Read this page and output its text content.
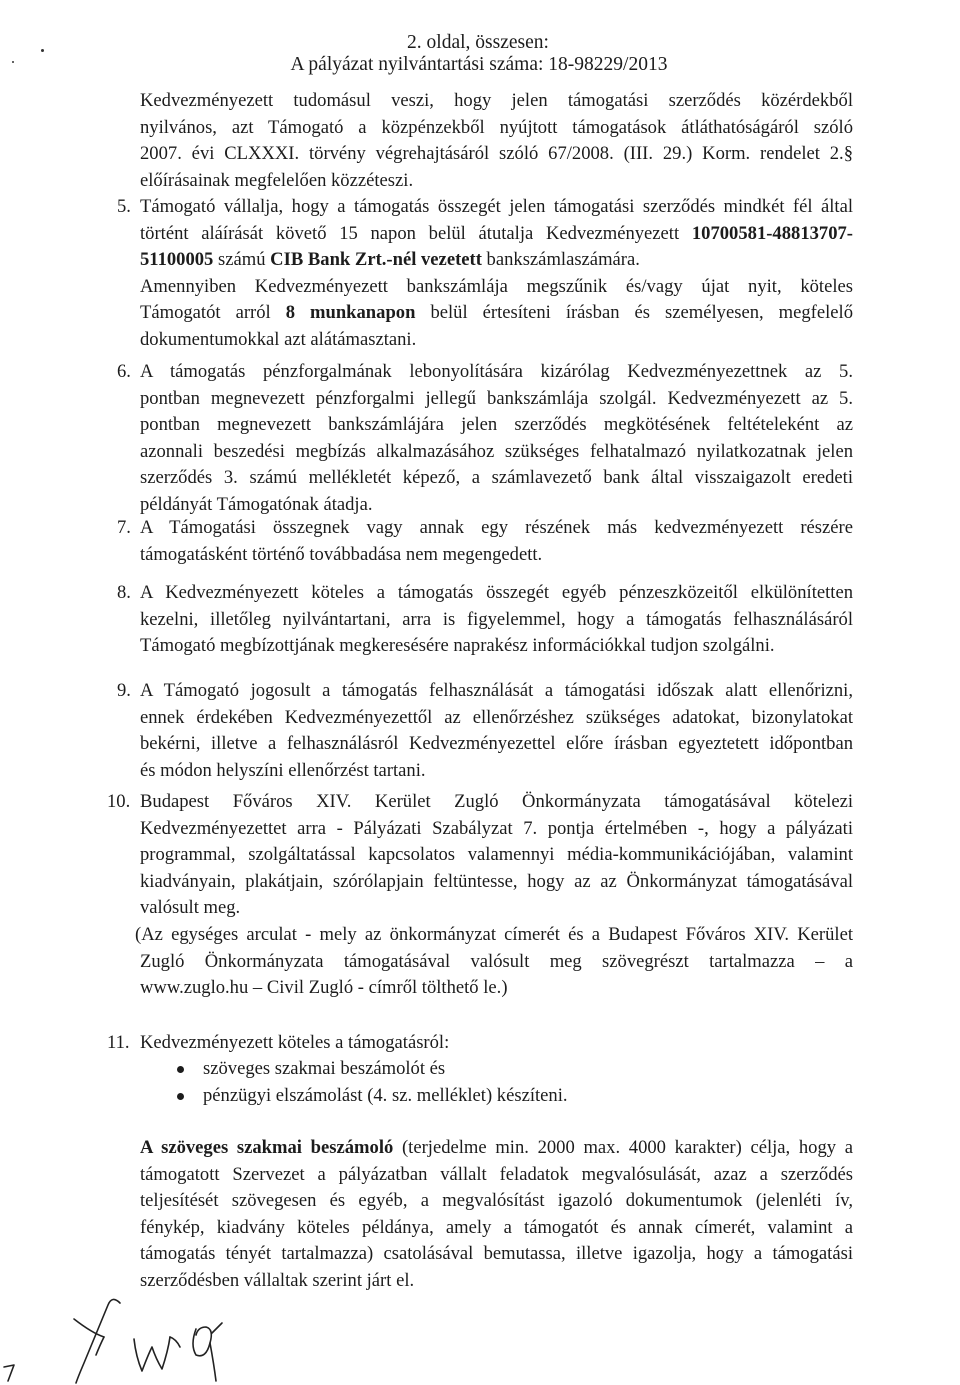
2. oldal, összesen:
A pályázat nyilvántartási száma: 18-98229/2013
Kedvezményezett tudomásul veszi, hogy jelen támogatási szerződés közérdekből
nyilvános, azt Támogató a közpénzekből nyújtott támogatások átláthatóságáról szóló
2007. évi CLXXXI. törvény végrehajtásáról szóló 67/2008. (III. 29.) Korm. rendelet 2.§
előírásainak megfelelően közzéteszi.
5. Támogató vállalja, hogy a támogatás összegét jelen támogatási szerződés mindkét fél által
történt aláírását követő 15 napon belül átutalja Kedvezményezett 10700581-48813707-
51100005 számú CIB Bank Zrt.-nél vezetett bankszámlaszámára.
Amennyiben Kedvezményezett bankszámlája megszűnik és/vagy újat nyit, köteles
Támogatót arról 8 munkanapon belül értesíteni írásban és személyesen, megfelelő
dokumentumokkal azt alátámasztani.
6. A támogatás pénzforgalmának lebonyolítására kizárólag Kedvezményezettnek az 5.
pontban megnevezett pénzforgalmi jellegű bankszámlája szolgál. Kedvezményezett az 5.
pontban megnevezett bankszámlájára jelen szerződés megkötésének feltételeként az
azonnali beszedési megbízás alkalmazásához szükséges felhatalmazó nyilatkozatnak jelen
szerződés 3. számú mellékletét képező, a számlavezető bank által visszaigazolt eredeti
példányát Támogatónak átadja.
7. A Támogatási összegnek vagy annak egy részének más kedvezményezett részére
támogatásként történő továbbadása nem megengedett.
8. A Kedvezményezett köteles a támogatás összegét egyéb pénzeszközeitől elkülönítetten
kezelni, illetőleg nyilvántartani, arra is figyelemmel, hogy a támogatás felhasználásáról
Támogató megbízottjának megkeresésére naprakész információkkal tudjon szolgálni.
9. A Támogató jogosult a támogatás felhasználását a támogatási időszak alatt ellenőrizni,
ennek érdekében Kedvezményezettől az ellenőrzéshez szükséges adatokat, bizonylatokat
bekérni, illetve a felhasználásról Kedvezményezettel előre írásban egyeztetett időpontban
és módon helyszíni ellenőrzést tartani.
10. Budapest Főváros XIV. Kerület Zugló Önkormányzata támogatásával kötelezi
Kedvezményezettet arra - Pályázati Szabályzat 7. pontja értelmében -, hogy a pályázati
programmal, szolgáltatással kapcsolatos valamennyi média-kommunikációjában, valamint
kiadványain, plakátjain, szórólapjain feltüntesse, hogy az az Önkormányzat támogatásával
valósult meg.
(Az egységes arculat - mely az önkormányzat címerét és a Budapest Főváros XIV. Kerület
Zugló Önkormányzata támogatásával valósult meg szövegrészt tartalmazza – a
www.zuglo.hu – Civil Zugló - címről tölthető le.)
11. Kedvezményezett köteles a támogatásról:
szöveges szakmai beszámolót és
pénzügyi elszámolást (4. sz. melléklet) készíteni.
A szöveges szakmai beszámoló (terjedelme min. 2000 max. 4000 karakter) célja, hogy a
támogatott Szervezet a pályázatban vállalt feladatok megvalósulását, azaz a szerződés
teljesítését szövegesen és egyéb, a megvalósítást igazoló dokumentumok (jelenléti ív,
fénykép, kiadvány köteles példánya, amely a támogatót és annak címerét, valamint a
támogatás tényét tartalmazza) csatolásával bemutassa, illetve igazolja, hogy a támogatási
szerződésben vállaltak szerint járt el.
